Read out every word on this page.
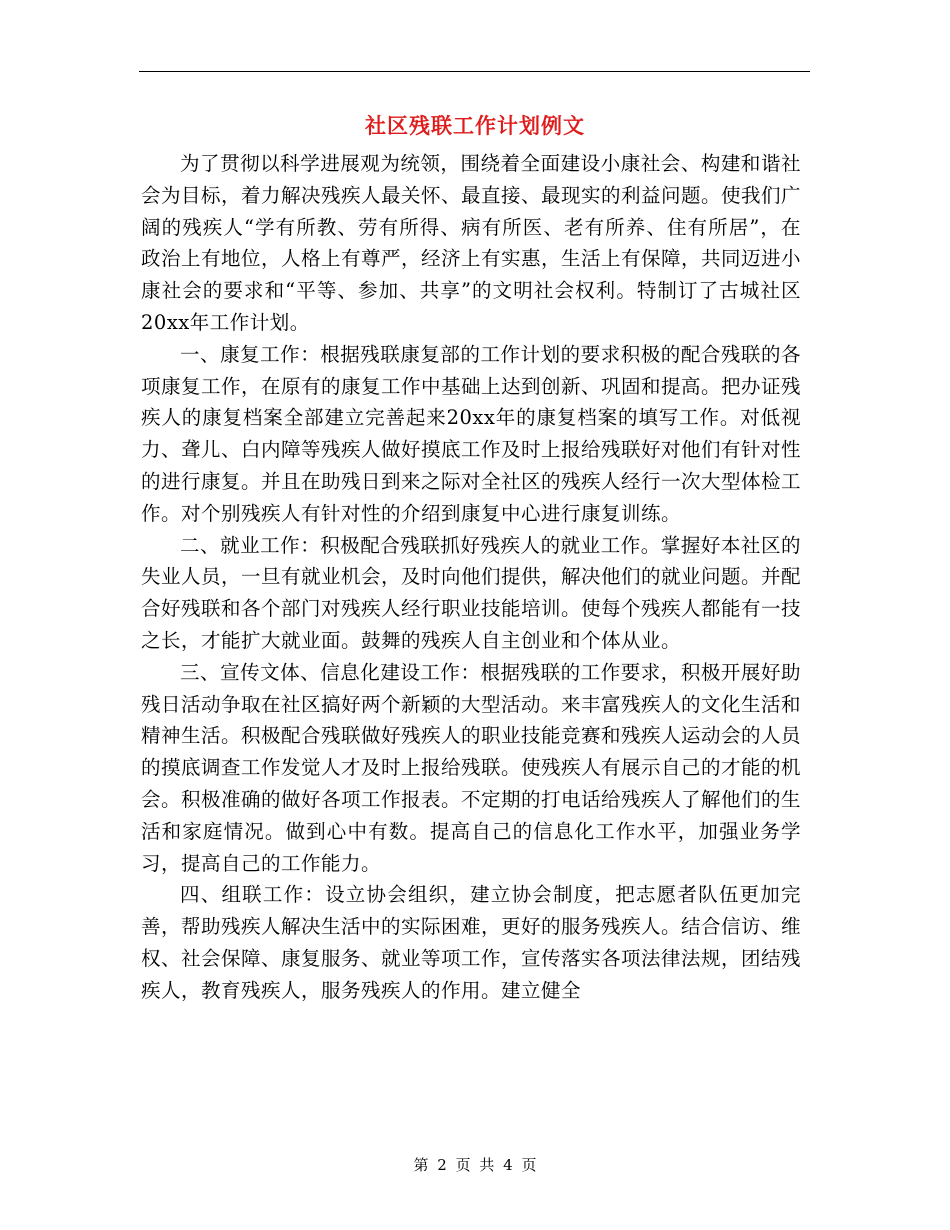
社区残联工作计划例文

为了贯彻以科学进展观为统领，围绕着全面建设小康社会、构建和谐社会为目标，着力解决残疾人最关怀、最直接、最现实的利益问题。使我们广阔的残疾人“学有所教、劳有所得、病有所医、老有所养、住有所居”，在政治上有地位，人格上有尊严，经济上有实惠，生活上有保障，共同迈进小康社会的要求和“平等、参加、共享”的文明社会权利。特制订了古城社区20xx年工作计划。

一、康复工作：根据残联康复部的工作计划的要求积极的配合残联的各项康复工作，在原有的康复工作中基础上达到创新、巩固和提高。把办证残疾人的康复档案全部建立完善起来20xx年的康复档案的填写工作。对低视力、聋儿、白内障等残疾人做好摸底工作及时上报给残联好对他们有针对性的进行康复。并且在助残日到来之际对全社区的残疾人经行一次大型体检工作。对个别残疾人有针对性的介绍到康复中心进行康复训练。

二、就业工作：积极配合残联抓好残疾人的就业工作。掌握好本社区的失业人员，一旦有就业机会，及时向他们提供，解决他们的就业问题。并配合好残联和各个部门对残疾人经行职业技能培训。使每个残疾人都能有一技之长，才能扩大就业面。鼓舞的残疾人自主创业和个体从业。

三、宣传文体、信息化建设工作：根据残联的工作要求，积极开展好助残日活动争取在社区搞好两个新颖的大型活动。来丰富残疾人的文化生活和精神生活。积极配合残联做好残疾人的职业技能竞赛和残疾人运动会的人员的摸底调查工作发觉人才及时上报给残联。使残疾人有展示自己的才能的机会。积极准确的做好各项工作报表。不定期的打电话给残疾人了解他们的生活和家庭情况。做到心中有数。提高自己的信息化工作水平，加强业务学习，提高自己的工作能力。

四、组联工作：设立协会组织，建立协会制度，把志愿者队伍更加完善，帮助残疾人解决生活中的实际困难，更好的服务残疾人。结合信访、维权、社会保障、康复服务、就业等项工作，宣传落实各项法律法规，团结残疾人，教育残疾人，服务残疾人的作用。建立健全

第 2 页 共 4 页
